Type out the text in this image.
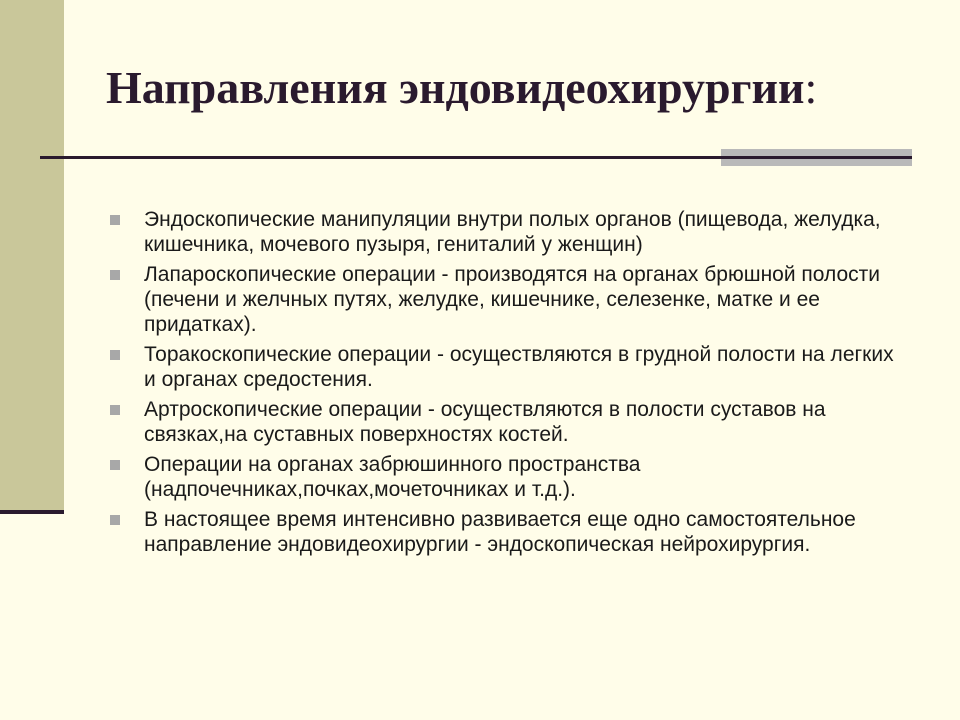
Направления эндовидеохирургии:
Эндоскопические манипуляции внутри полых органов (пищевода, желудка, кишечника, мочевого пузыря, гениталий у женщин)
Лапароскопические операции - производятся на органах брюшной полости (печени и желчных путях, желудке, кишечнике, селезенке, матке и ее придатках).
Торакоскопические операции - осуществляются в грудной полости на легких и органах средостения.
Артроскопические операции - осуществляются в полости суставов на связках,на суставных поверхностях костей.
Операции на органах забрюшинного пространства (надпочечниках,почках,мочеточниках и т.д.).
В настоящее время интенсивно развивается еще одно самостоятельное направление эндовидеохирургии - эндоскопическая нейрохирургия.
